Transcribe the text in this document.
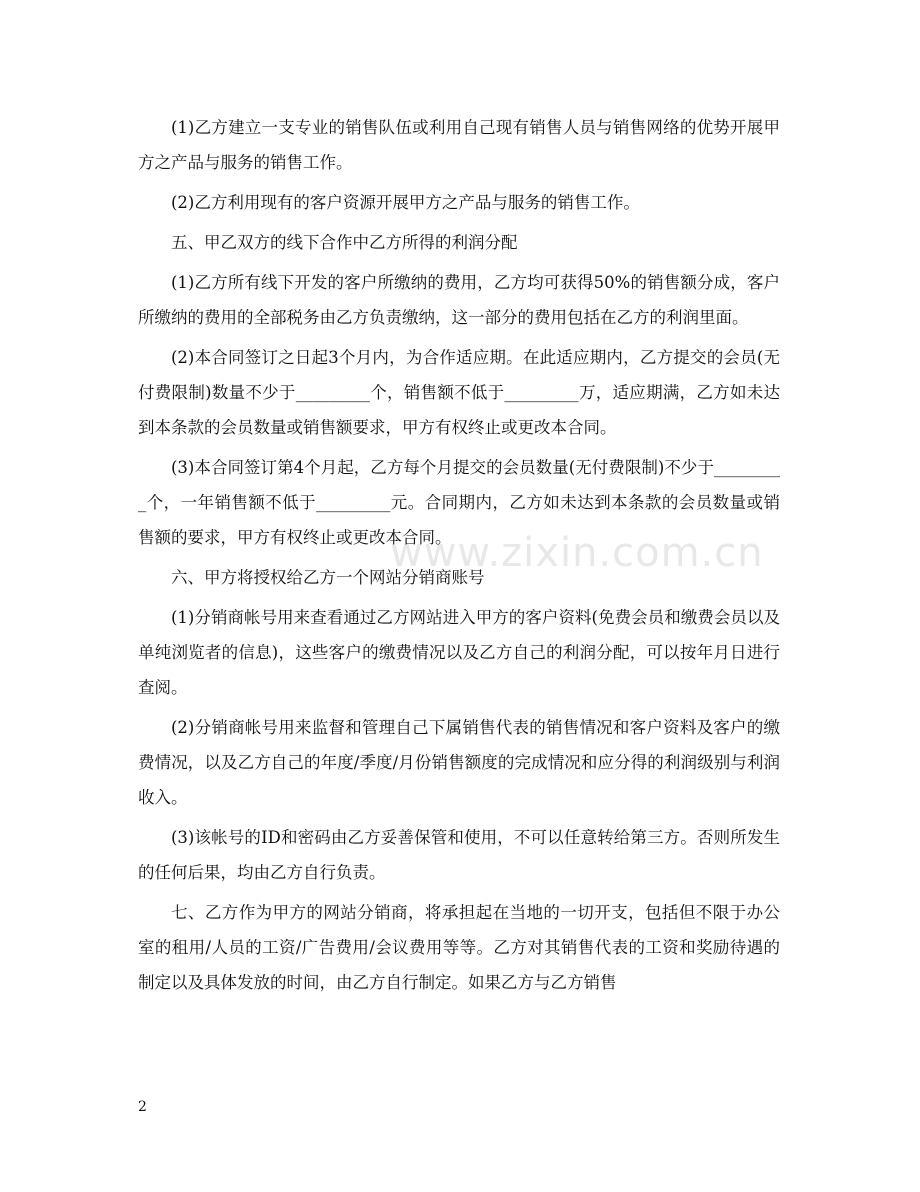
(1)乙方建立一支专业的销售队伍或利用自己现有销售人员与销售网络的优势开展甲方之产品与服务的销售工作。

(2)乙方利用现有的客户资源开展甲方之产品与服务的销售工作。

五、甲乙双方的线下合作中乙方所得的利润分配

(1)乙方所有线下开发的客户所缴纳的费用，乙方均可获得50%的销售额分成，客户所缴纳的费用的全部税务由乙方负责缴纳，这一部分的费用包括在乙方的利润里面。

(2)本合同签订之日起3个月内，为合作适应期。在此适应期内，乙方提交的会员(无付费限制)数量不少于_________个，销售额不低于_________万，适应期满，乙方如未达到本条款的会员数量或销售额要求，甲方有权终止或更改本合同。

(3)本合同签订第4个月起，乙方每个月提交的会员数量(无付费限制)不少于_________个，一年销售额不低于_________元。合同期内，乙方如未达到本条款的会员数量或销售额的要求，甲方有权终止或更改本合同。

六、甲方将授权给乙方一个网站分销商账号

(1)分销商帐号用来查看通过乙方网站进入甲方的客户资料(免费会员和缴费会员以及单纯浏览者的信息)，这些客户的缴费情况以及乙方自己的利润分配，可以按年月日进行查阅。

(2)分销商帐号用来监督和管理自己下属销售代表的销售情况和客户资料及客户的缴费情况，以及乙方自己的年度/季度/月份销售额度的完成情况和应分得的利润级别与利润收入。

(3)该帐号的ID和密码由乙方妥善保管和使用，不可以任意转给第三方。否则所发生的任何后果，均由乙方自行负责。

七、乙方作为甲方的网站分销商，将承担起在当地的一切开支，包括但不限于办公室的租用/人员的工资/广告费用/会议费用等等。乙方对其销售代表的工资和奖励待遇的制定以及具体发放的时间，由乙方自行制定。如果乙方与乙方销售

www.zixin.com.cn
2
